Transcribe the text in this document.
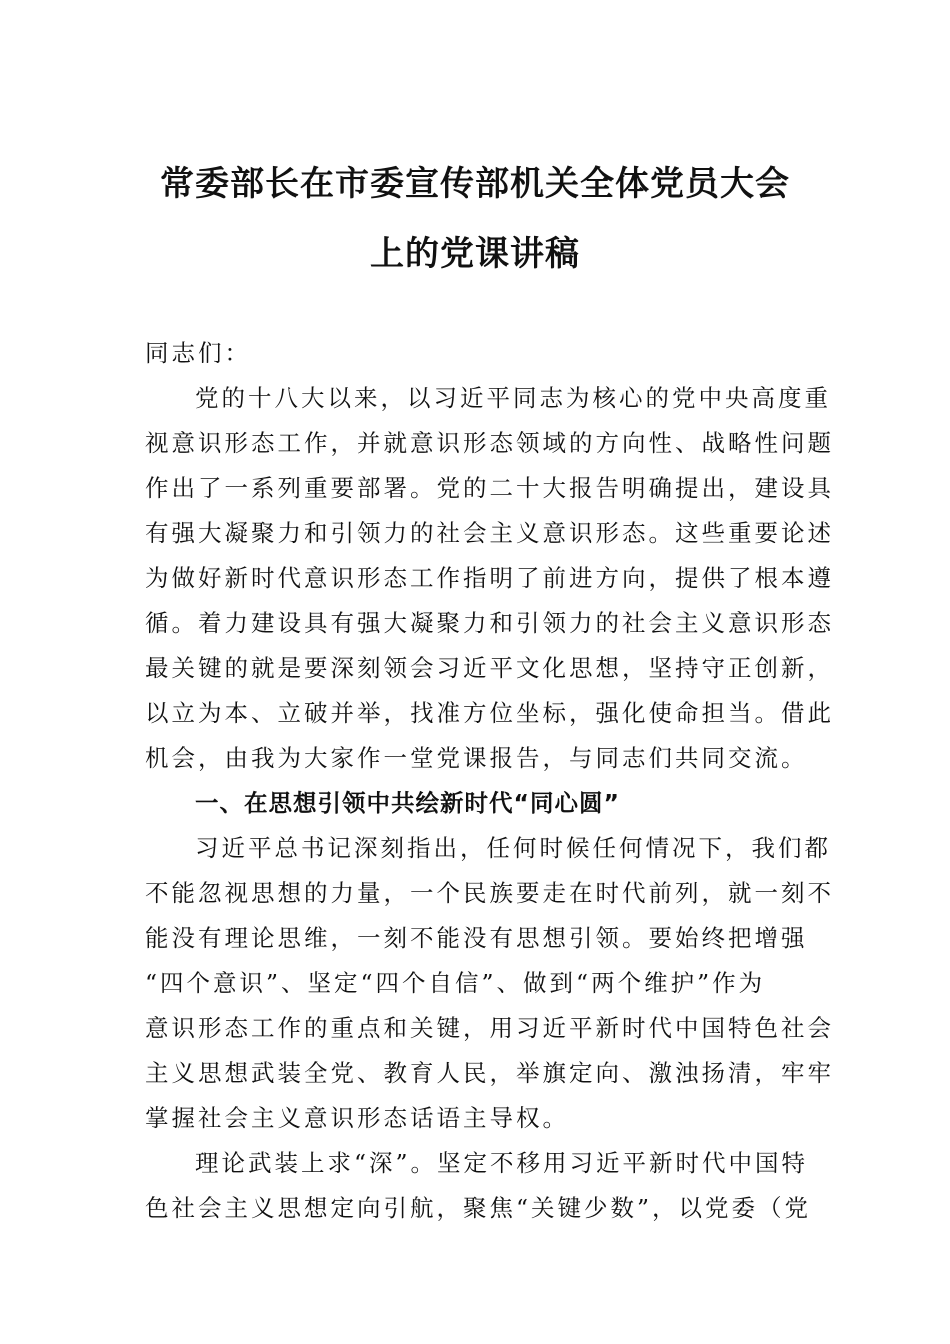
常委部长在市委宣传部机关全体党员大会
上的党课讲稿
同志们：
党的十八大以来，以习近平同志为核心的党中央高度重
视意识形态工作，并就意识形态领域的方向性、战略性问题
作出了一系列重要部署。党的二十大报告明确提出，建设具
有强大凝聚力和引领力的社会主义意识形态。这些重要论述
为做好新时代意识形态工作指明了前进方向，提供了根本遵
循。着力建设具有强大凝聚力和引领力的社会主义意识形态
最关键的就是要深刻领会习近平文化思想，坚持守正创新，
以立为本、立破并举，找准方位坐标，强化使命担当。借此
机会，由我为大家作一堂党课报告，与同志们共同交流。
一、在思想引领中共绘新时代“同心圆”
习近平总书记深刻指出，任何时候任何情况下，我们都
不能忽视思想的力量，一个民族要走在时代前列，就一刻不
能没有理论思维，一刻不能没有思想引领。要始终把增强
“四个意识”、坚定“四个自信”、做到“两个维护”作为
意识形态工作的重点和关键，用习近平新时代中国特色社会
主义思想武装全党、教育人民，举旗定向、激浊扬清，牢牢
掌握社会主义意识形态话语主导权。
理论武装上求“深”。坚定不移用习近平新时代中国特
色社会主义思想定向引航，聚焦“关键少数”，以党委（党
